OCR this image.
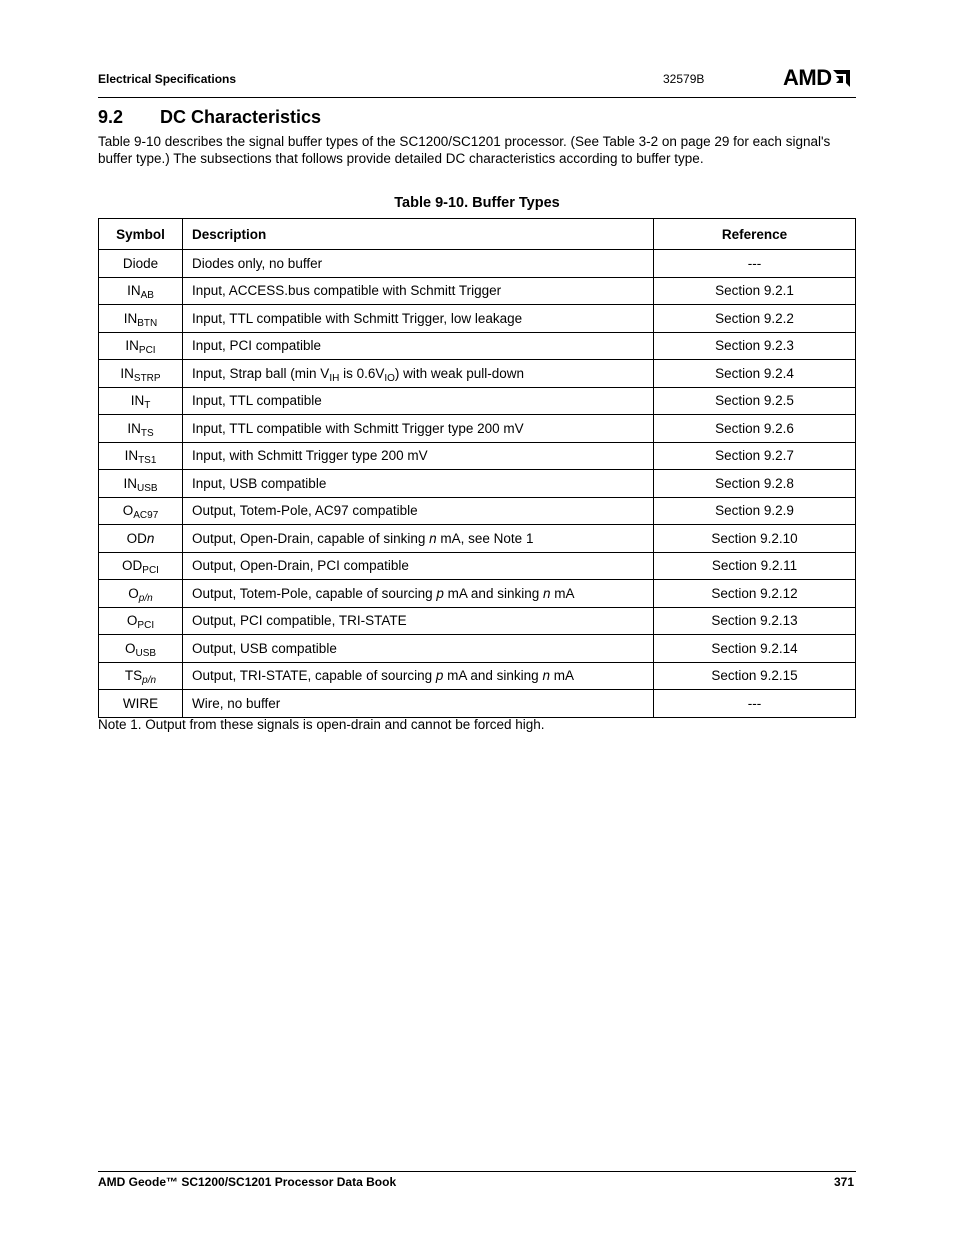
Electrical Specifications	32579B	AMD
9.2 DC Characteristics
Table 9-10 describes the signal buffer types of the SC1200/SC1201 processor. (See Table 3-2 on page 29 for each signal's buffer type.) The subsections that follows provide detailed DC characteristics according to buffer type.
Table 9-10. Buffer Types
Symbol	Description	Reference
Diode	Diodes only, no buffer	---
$IN_{AB}$	Input, ACCESS.bus compatible with Schmitt Trigger	Section 9.2.1
$IN_{BTN}$	Input, TTL compatible with Schmitt Trigger, low leakage	Section 9.2.2
$IN_{PCI}$	Input, PCI compatible	Section 9.2.3
$IN_{STRP}$	Input, Strap ball (min $V_{IH}$ is $0.6V_{IO}$) with weak pull-down	Section 9.2.4
$IN_T$	Input, TTL compatible	Section 9.2.5
$IN_{TS}$	Input, TTL compatible with Schmitt Trigger type 200 mV	Section 9.2.6
$IN_{TS1}$	Input, with Schmitt Trigger type 200 mV	Section 9.2.7
$IN_{USB}$	Input, USB compatible	Section 9.2.8
$O_{AC97}$	Output, Totem-Pole, AC97 compatible	Section 9.2.9
ODn	Output, Open-Drain, capable of sinking n mA, see Note 1	Section 9.2.10
$OD_{PCI}$	Output, Open-Drain, PCI compatible	Section 9.2.11
$O_{p/n}$	Output, Totem-Pole, capable of sourcing p mA and sinking n mA	Section 9.2.12
$O_{PCI}$	Output, PCI compatible, TRI-STATE	Section 9.2.13
$O_{USB}$	Output, USB compatible	Section 9.2.14
$TS_{p/n}$	Output, TRI-STATE, capable of sourcing p mA and sinking n mA	Section 9.2.15
WIRE	Wire, no buffer	---
Note 1. Output from these signals is open-drain and cannot be forced high.
AMD Geode™ SC1200/SC1201 Processor Data Book	371
